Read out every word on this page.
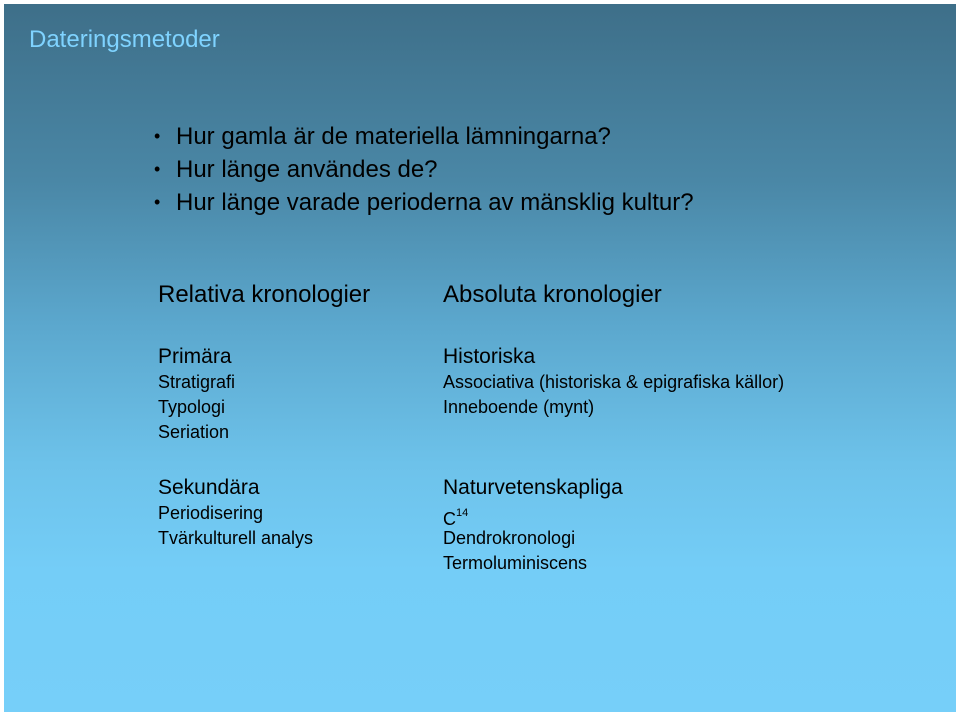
Dateringsmetoder
• Hur gamla är de materiella lämningarna?
• Hur länge användes de?
• Hur länge varade perioderna av mänsklig kultur?
Relativa kronologier
Primära
Stratigrafi
Typologi
Seriation
Sekundära
Periodisering
Tvärkulturell analys
Absoluta kronologier
Historiska
Associativa (historiska & epigrafiska källor)
Inneboende (mynt)
Naturvetenskapliga
$C^{14}$
Dendrokronologi
Termoluminiscens
